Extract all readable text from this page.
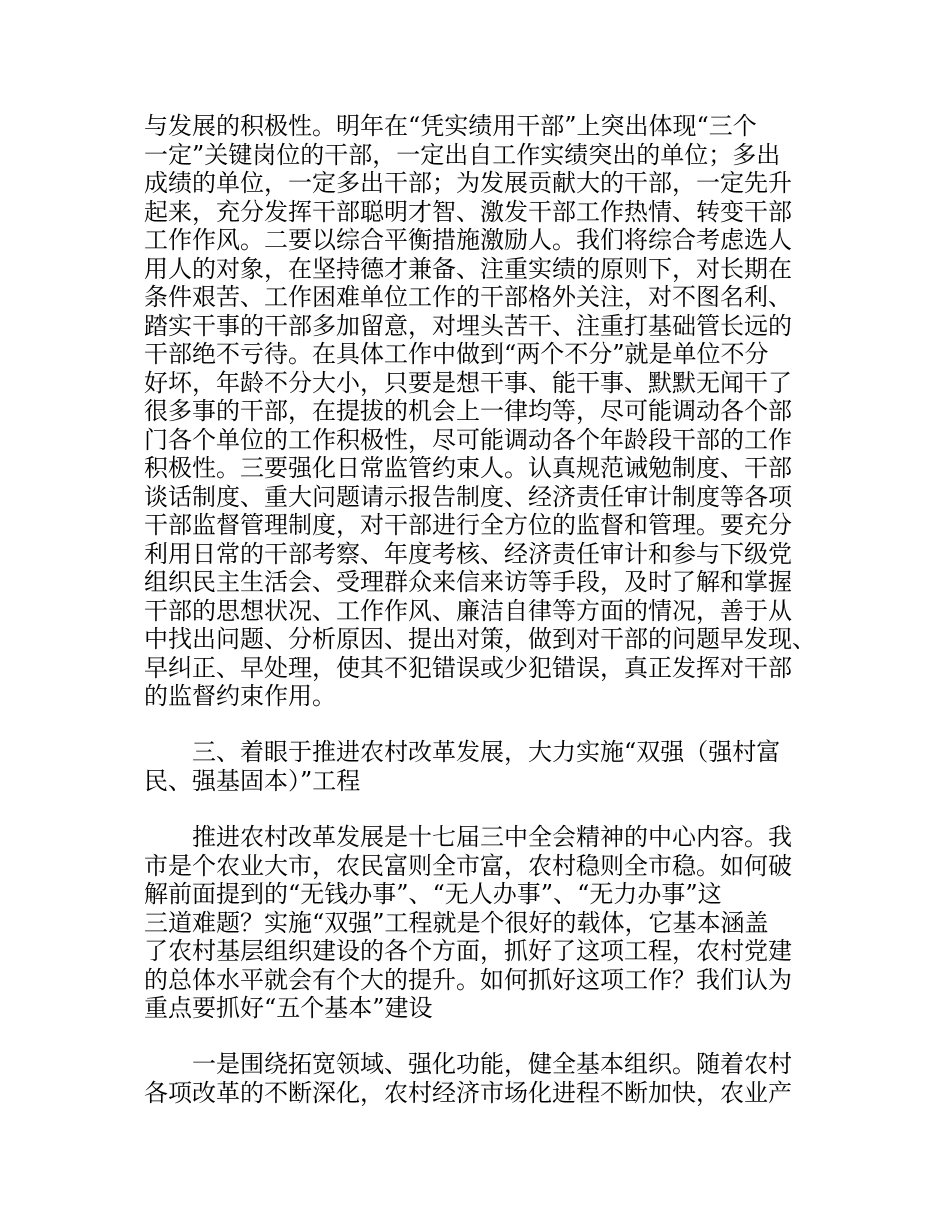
与发展的积极性。明年在“凭实绩用干部”上突出体现“三个
一定”关键岗位的干部，一定出自工作实绩突出的单位；多出
成绩的单位，一定多出干部；为发展贡献大的干部，一定先升
起来，充分发挥干部聪明才智、激发干部工作热情、转变干部
工作作风。二要以综合平衡措施激励人。我们将综合考虑选人
用人的对象，在坚持德才兼备、注重实绩的原则下，对长期在
条件艰苦、工作困难单位工作的干部格外关注，对不图名利、
踏实干事的干部多加留意，对埋头苦干、注重打基础管长远的
干部绝不亏待。在具体工作中做到“两个不分”就是单位不分
好坏，年龄不分大小，只要是想干事、能干事、默默无闻干了
很多事的干部，在提拔的机会上一律均等，尽可能调动各个部
门各个单位的工作积极性，尽可能调动各个年龄段干部的工作
积极性。三要强化日常监管约束人。认真规范诫勉制度、干部
谈话制度、重大问题请示报告制度、经济责任审计制度等各项
干部监督管理制度，对干部进行全方位的监督和管理。要充分
利用日常的干部考察、年度考核、经济责任审计和参与下级党
组织民主生活会、受理群众来信来访等手段，及时了解和掌握
干部的思想状况、工作作风、廉洁自律等方面的情况，善于从
中找出问题、分析原因、提出对策，做到对干部的问题早发现、
早纠正、早处理，使其不犯错误或少犯错误，真正发挥对干部
的监督约束作用。

三、着眼于推进农村改革发展，大力实施“双强（强村富
民、强基固本）”工程

推进农村改革发展是十七届三中全会精神的中心内容。我
市是个农业大市，农民富则全市富，农村稳则全市稳。如何破
解前面提到的“无钱办事”、“无人办事”、“无力办事”这
三道难题？实施“双强”工程就是个很好的载体，它基本涵盖
了农村基层组织建设的各个方面，抓好了这项工程，农村党建
的总体水平就会有个大的提升。如何抓好这项工作？我们认为
重点要抓好“五个基本”建设

一是围绕拓宽领域、强化功能，健全基本组织。随着农村
各项改革的不断深化，农村经济市场化进程不断加快，农业产
